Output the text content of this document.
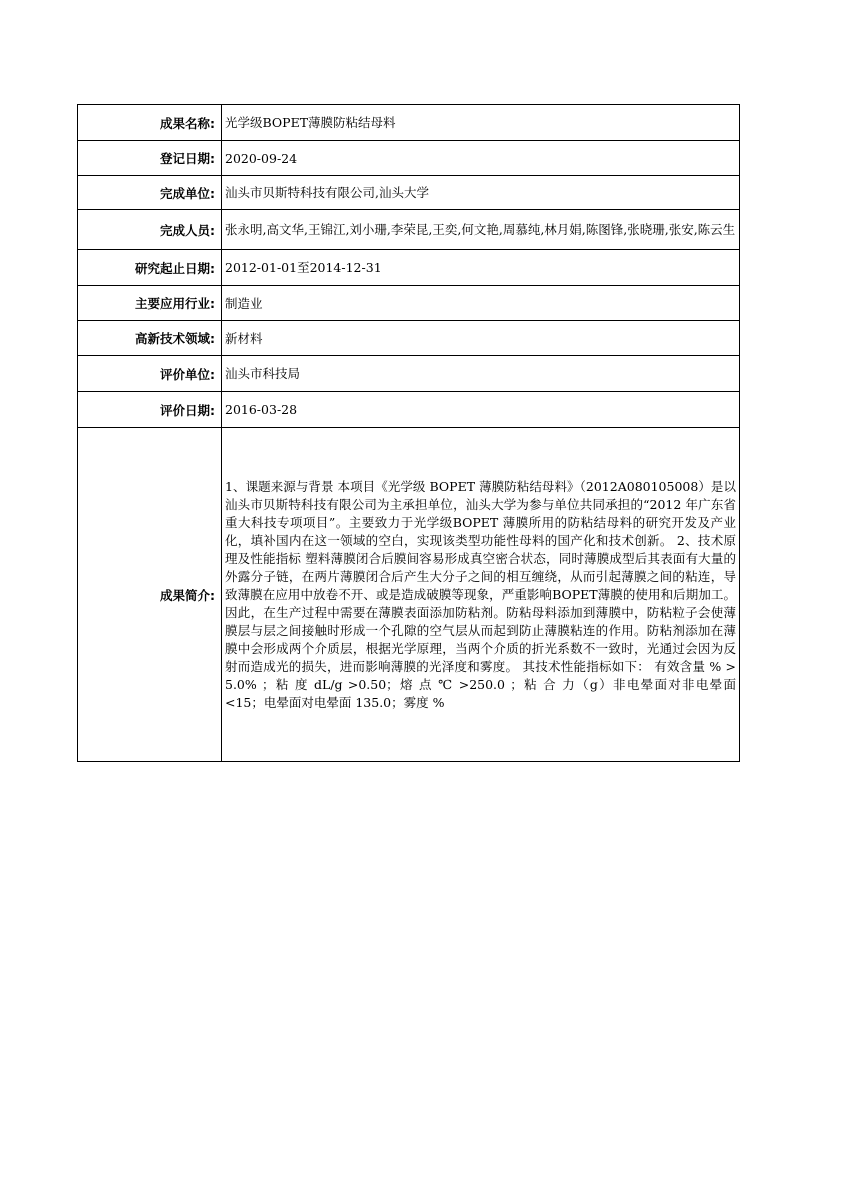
成果名称:	光学级BOPET薄膜防粘结母料
登记日期:	2020-09-24
完成单位:	汕头市贝斯特科技有限公司,汕头大学
完成人员:	张永明,高文华,王锦江,刘小珊,李荣昆,王奕,何文艳,周慕纯,林月娟,陈图锋,张晓珊,张安,陈云生
研究起止日期:	2012-01-01至2014-12-31
主要应用行业:	制造业
高新技术领域:	新材料
评价单位:	汕头市科技局
评价日期:	2016-03-28
成果简介:	1、课题来源与背景 本项目《光学级 BOPET 薄膜防粘结母料》（2012A080105008）是以汕头市贝斯特科技有限公司为主承担单位，汕头大学为参与单位共同承担的“2012 年广东省重大科技专项项目”。主要致力于光学级BOPET 薄膜所用的防粘结母料的研究开发及产业化，填补国内在这一领域的空白，实现该类型功能性母料的国产化和技术创新。 2、技术原理及性能指标 塑料薄膜闭合后膜间容易形成真空密合状态，同时薄膜成型后其表面有大量的外露分子链，在两片薄膜闭合后产生大分子之间的相互缠绕，从而引起薄膜之间的粘连，导致薄膜在应用中放卷不开、或是造成破膜等现象，严重影响BOPET薄膜的使用和后期加工。因此，在生产过程中需要在薄膜表面添加防粘剂。防粘母料添加到薄膜中，防粘粒子会使薄膜层与层之间接触时形成一个孔隙的空气层从而起到防止薄膜粘连的作用。防粘剂添加在薄膜中会形成两个介质层，根据光学原理，当两个介质的折光系数不一致时，光通过会因为反射而造成光的损失，进而影响薄膜的光泽度和雾度。 其技术性能指标如下： 有效含量 % > 5.0% ；粘 度 dL/g >0.50；熔 点 ℃ >250.0 ；粘 合 力（g）非电晕面对非电晕面 <15；电晕面对电晕面 135.0；雾度 %
